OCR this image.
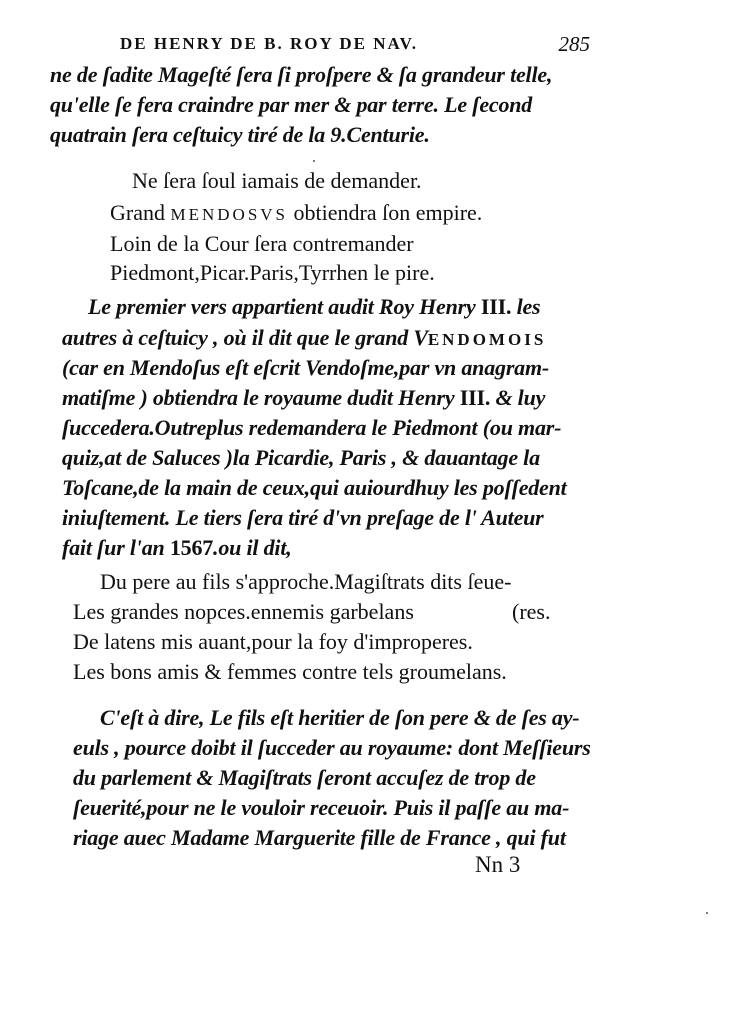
DE HENRY DE B. ROY DE NAV.	285
ne de ſadite Mageſté ſera ſi proſpere & ſa grandeur telle,
qu'elle ſe fera craindre par mer & par terre. Le ſecond
quatrain ſera ceſtuicy tiré de la 9.Centurie.
Ne ſera ſoul iamais de demander.
Grand MENDOSVS obtiendra ſon empire.
Loin de la Cour ſera contremander
Piedmont,Picar.Paris,Tyrrhen le pire.
Le premier vers appartient audit Roy Henry III. les
autres à ceſtuicy , où il dit que le grand VENDOMOIS
(car en Mendoſus eſt eſcrit Vendoſme,par vn anagram-
matiſme ) obtiendra le royaume dudit Henry III. & luy
ſuccedera.Outreplus redemandera le Piedmont (ou mar-
quiz,at de Saluces )la Picardie, Paris , & dauantage la
Toſcane,de la main de ceux,qui auiourdhuy les poſſedent
iniuſtement. Le tiers ſera tiré d'vn preſage de l' Auteur
fait ſur l'an 1567.ou il dit,
Du pere au fils s'approche.Magiſtrats dits ſeue-
Les grandes nopces.ennemis garbelans	(res.
De latens mis auant,pour la foy d'improperes.
Les bons amis & femmes contre tels groumelans.
C'eſt à dire, Le fils eſt heritier de ſon pere & de ſes ay-
euls , pource doibt il ſucceder au royaume: dont Meſſieurs
du parlement & Magiſtrats ſeront accuſez de trop de
ſeuerité,pour ne le vouloir receuoir. Puis il paſſe au ma-
riage auec Madame Marguerite fille de France , qui fut
Nn 3
